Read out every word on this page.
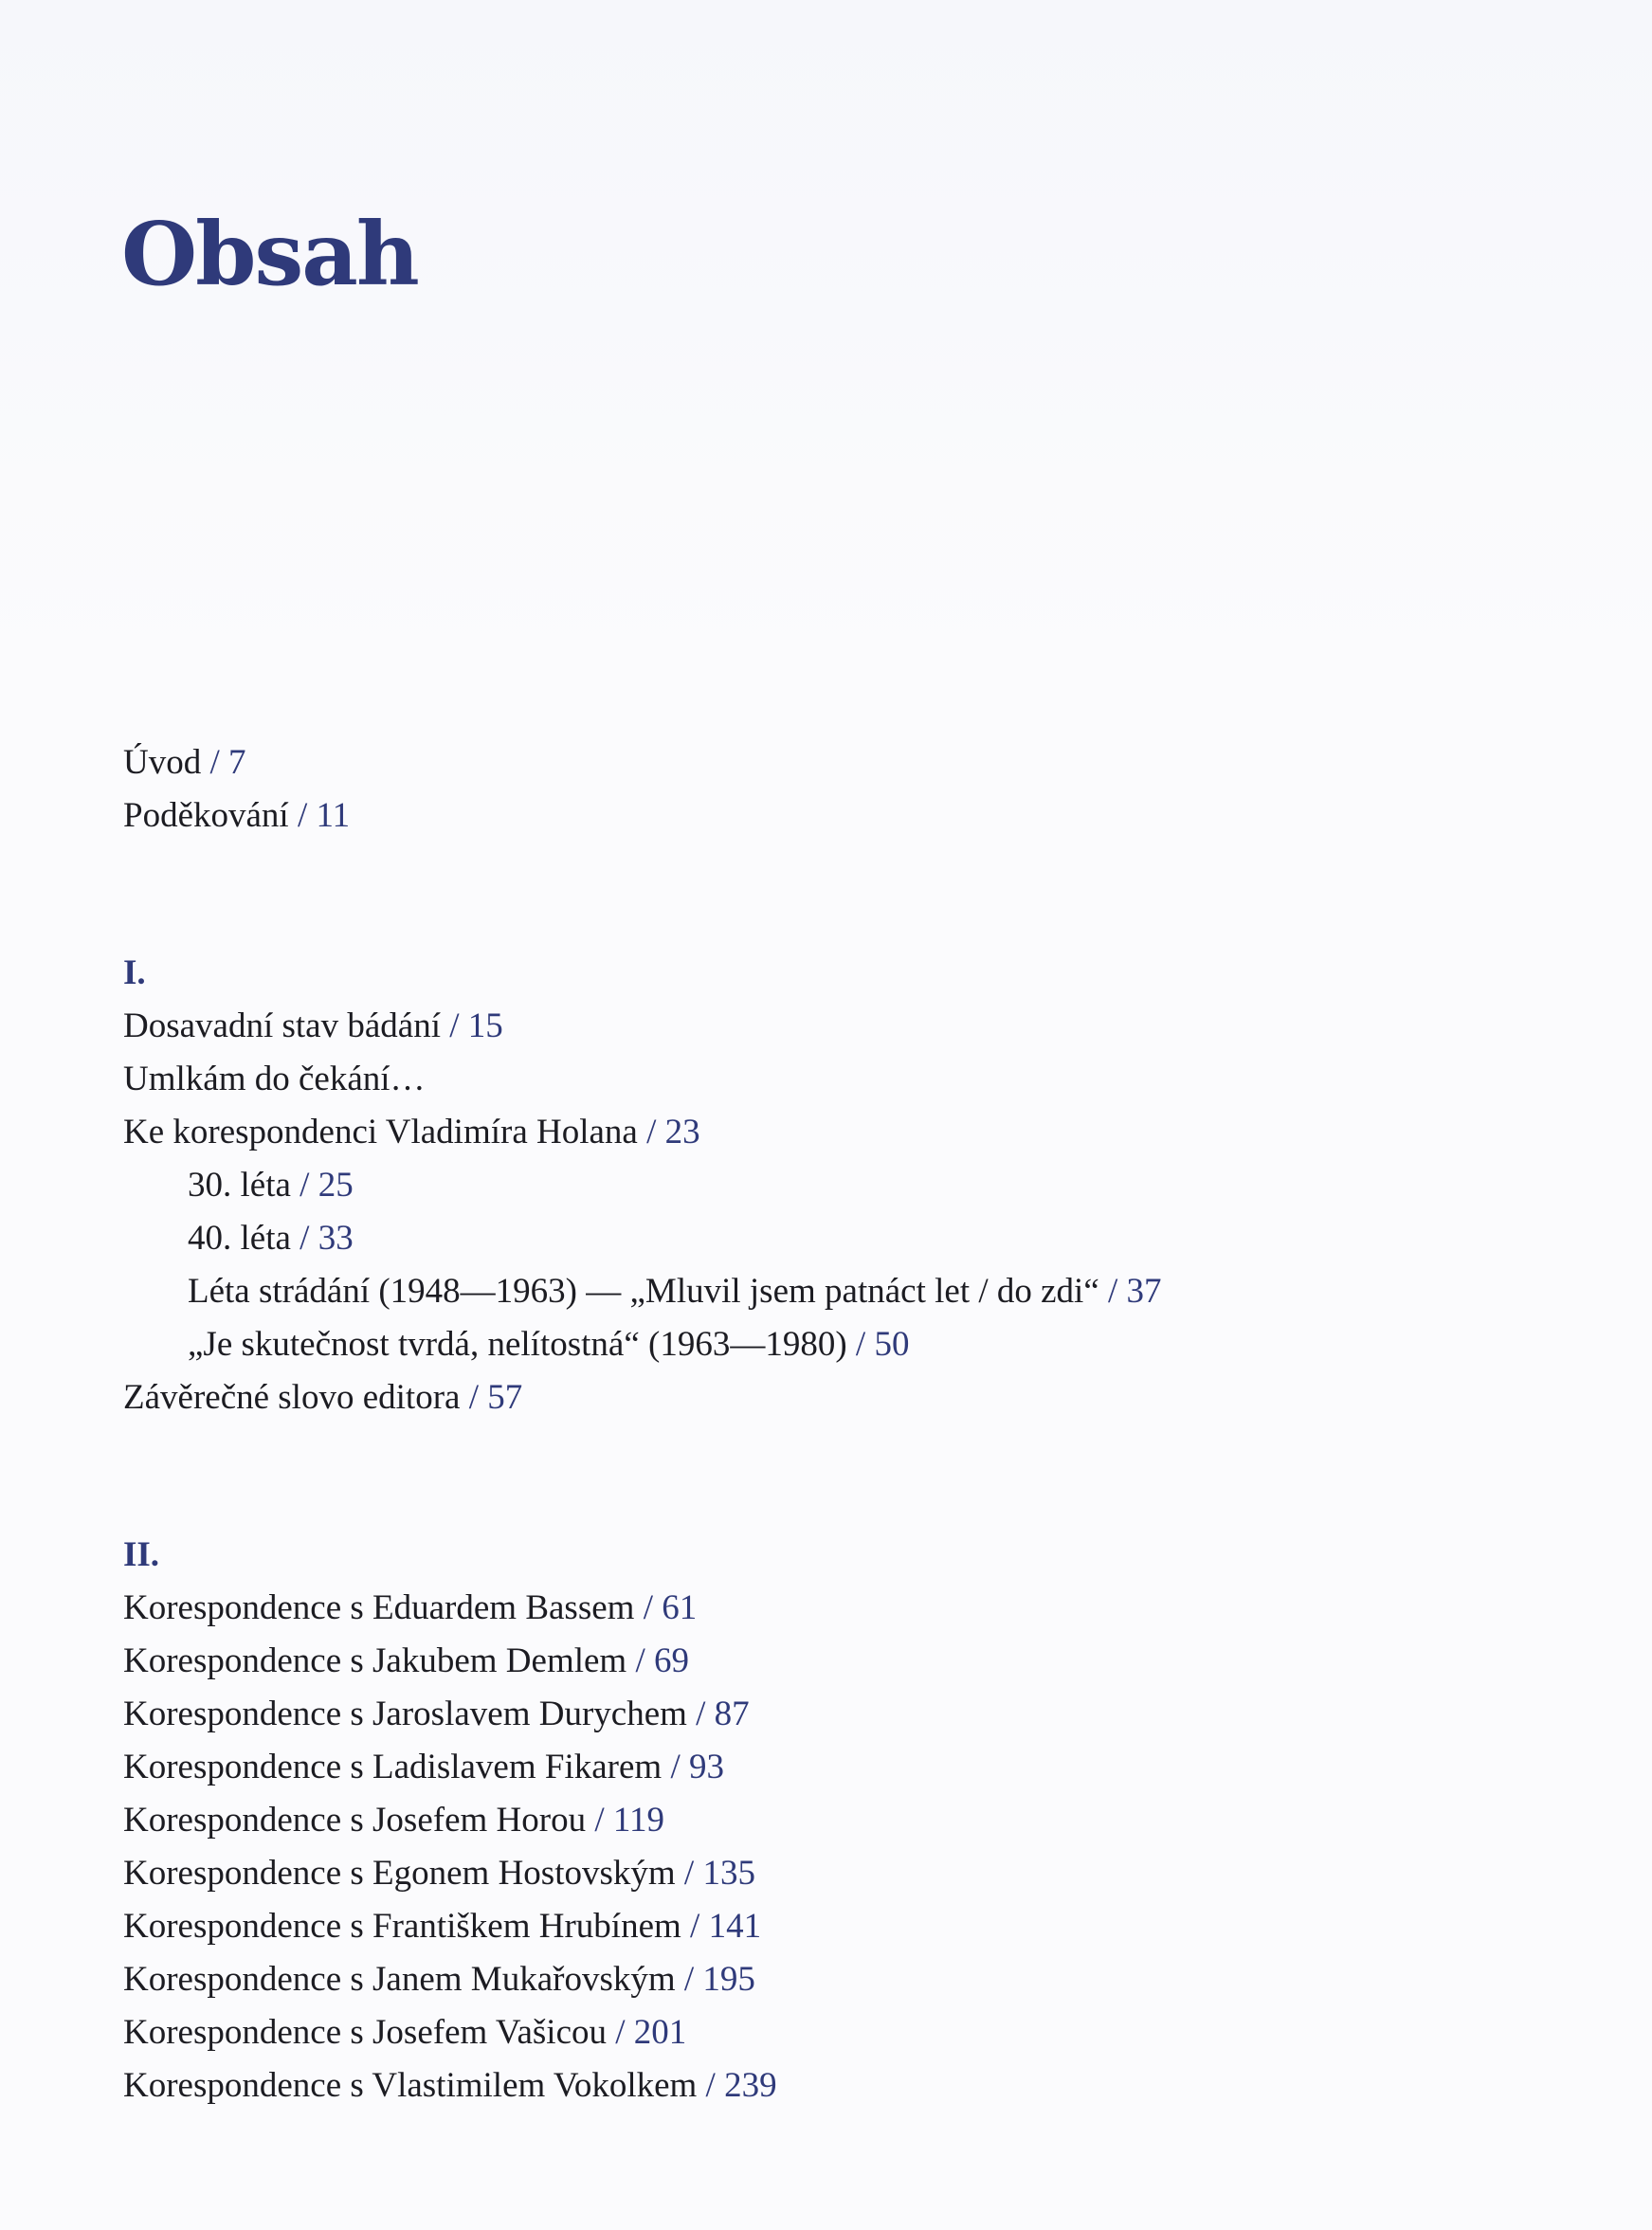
Obsah
Úvod / 7
Poděkování / 11
I.
Dosavadní stav bádání / 15
Umlkám do čekání…
Ke korespondenci Vladimíra Holana / 23
30. léta / 25
40. léta / 33
Léta strádání (1948—1963) — „Mluvil jsem patnáct let / do zdi“ / 37
„Je skutečnost tvrdá, nelítostná“ (1963—1980) / 50
Závěrečné slovo editora / 57
II.
Korespondence s Eduardem Bassem / 61
Korespondence s Jakubem Demlem / 69
Korespondence s Jaroslavem Durychem / 87
Korespondence s Ladislavem Fikarem / 93
Korespondence s Josefem Horou / 119
Korespondence s Egonem Hostovským / 135
Korespondence s Františkem Hrubínem / 141
Korespondence s Janem Mukařovským / 195
Korespondence s Josefem Vašicou / 201
Korespondence s Vlastimilem Vokolkem / 239
